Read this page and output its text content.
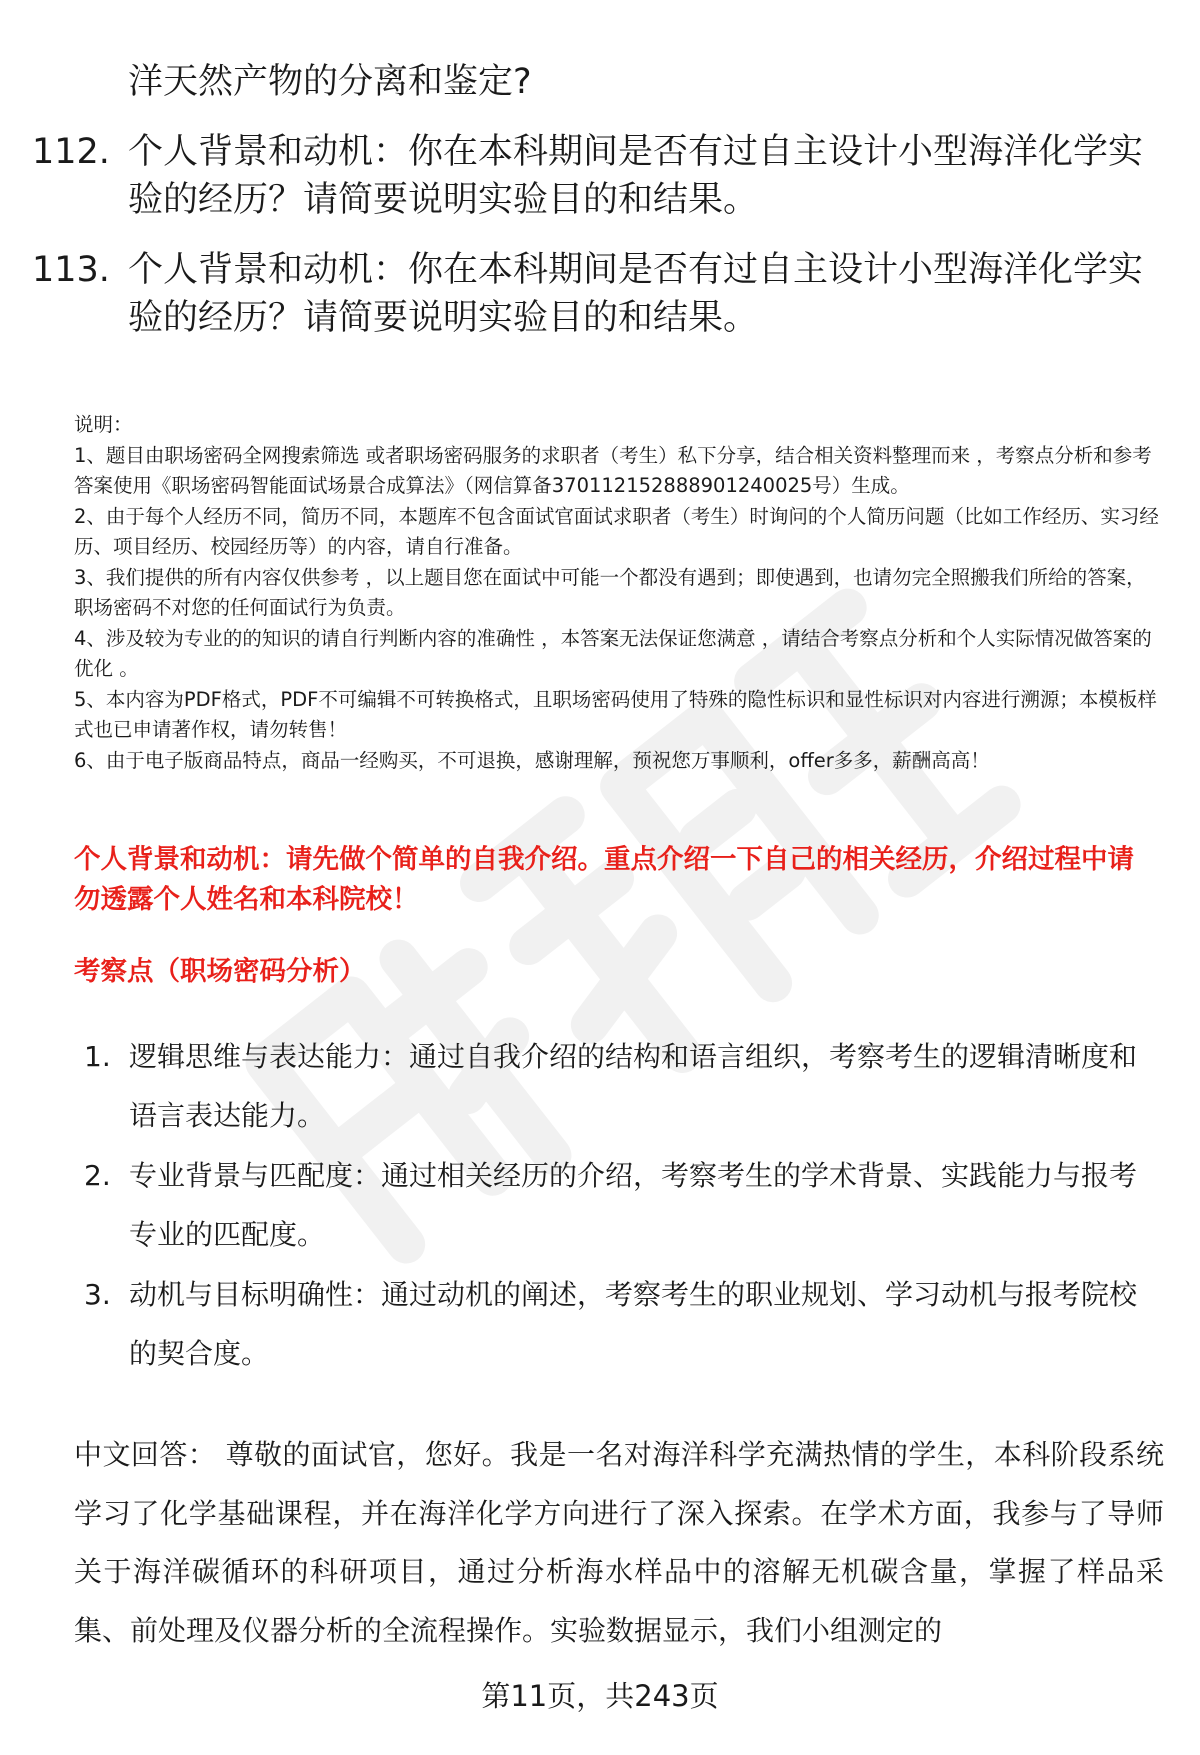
洋天然产物的分离和鉴定?

112. 个人背景和动机：你在本科期间是否有过自主设计小型海洋化学实验的经历？请简要说明实验目的和结果。
113. 个人背景和动机：你在本科期间是否有过自主设计小型海洋化学实验的经历？请简要说明实验目的和结果。

说明：

1、题目由职场密码全网搜索筛选 或者职场密码服务的求职者（考生）私下分享，结合相关资料整理而来 ，考察点分析和参考答案使用《职场密码智能面试场景合成算法》（网信算备370112152888901240025号）生成。

2、由于每个人经历不同，简历不同，本题库不包含面试官面试求职者（考生）时询问的个人简历问题（比如工作经历、实习经历、项目经历、校园经历等）的内容，请自行准备。

3、我们提供的所有内容仅供参考 ，以上题目您在面试中可能一个都没有遇到；即使遇到，也请勿完全照搬我们所给的答案，职场密码不对您的任何面试行为负责。

4、涉及较为专业的的知识的请自行判断内容的准确性 ，本答案无法保证您满意 ，请结合考察点分析和个人实际情况做答案的优化 。

5、本内容为PDF格式，PDF不可编辑不可转换格式，且职场密码使用了特殊的隐性标识和显性标识对内容进行溯源；本模板样式也已申请著作权，请勿转售！

6、由于电子版商品特点，商品一经购买，不可退换，感谢理解，预祝您万事顺利，offer多多，薪酬高高！

个人背景和动机：请先做个简单的自我介绍。重点介绍一下自己的相关经历，介绍过程中请勿透露个人姓名和本科院校！

考察点（职场密码分析）

1. 逻辑思维与表达能力：通过自我介绍的结构和语言组织，考察考生的逻辑清晰度和语言表达能力。
2. 专业背景与匹配度：通过相关经历的介绍，考察考生的学术背景、实践能力与报考专业的匹配度。
3. 动机与目标明确性：通过动机的阐述，考察考生的职业规划、学习动机与报考院校的契合度。

中文回答： 尊敬的面试官，您好。我是一名对海洋科学充满热情的学生，本科阶段系统学习了化学基础课程，并在海洋化学方向进行了深入探索。在学术方面，我参与了导师关于海洋碳循环的科研项目，通过分析海水样品中的溶解无机碳含量，掌握了样品采集、前处理及仪器分析的全流程操作。实验数据显示，我们小组测定的

第11页，共243页
